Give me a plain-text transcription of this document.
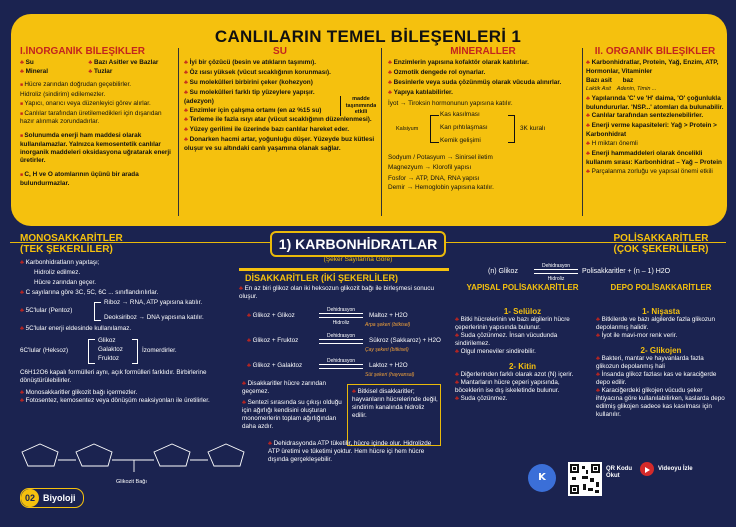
CANLILARIN TEMEL BİLEŞENLERİ 1
I.İNORGANİK BİLEŞİKLER
♣ Su	♣ Bazı Asitler ve Bazlar
♣ Mineral	♣ Tuzlar
■ Hücre zarından doğrudan geçebilirler.
Hidroliz (sindirim) edilemezler.
■ Yapıcı, onarıcı veya düzenleyici görev alırlar.
■ Canlılar tarafından üretilemedikleri için dışarıdan hazır alınmak zorundadırlar.
■ Solunumda enerji ham maddesi olarak kullanılamazlar. Yalnızca kemosentetik canlılar inorganik maddeleri oksidasyona uğratarak enerji üretirler.
■ C, H ve O atomlarının üçünü bir arada bulundurmazlar.
SU
♣ İyi bir çözücü (besin ve atıkların taşınımı).
♣ Öz ısısı yüksek (vücut sıcaklığının korunması).
♣ Su molekülleri birbirini çeker (kohezyon)
♣ Su molekülleri farklı tip yüzeylere yapışır. (adezyon)
♣ Enzimler için çalışma ortamı (en az %15 su)
♣ Terleme ile fazla ısıyı atar (vücut sıcaklığının düzenlenmesi).
♣ Yüzey gerilimi ile üzerinde bazı canlılar hareket eder.
♣ Donarken hacmi artar, yoğunluğu düşer. Yüzeyde buz kütlesi oluşur ve su altındaki canlı yaşamına olanak sağlar.
madde taşınımında etkili
MİNERALLER
♣ Enzimlerin yapısına kofaktör olarak katılırlar.
♣ Ozmotik dengede rol oynarlar.
♣ Besinlerle veya suda çözünmüş olarak vücuda alınırlar.
♣ Yapıya katılabilirler.
İyot → Tiroksin hormonunun yapısına katılır.
Kalsiyum
Kas kasılması
Kan pıhtılaşması
Kemik gelişimi
3K kuralı
Sodyum / Potasyum → Sinirsel iletim
Magnezyum → Klorofil yapısı
Fosfor → ATP, DNA, RNA yapısı
Demir → Hemoglobin yapısına katılır.
II. ORGANİK BİLEŞİKLER
♣ Karbonhidratlar, Protein, Yağ, Enzim, ATP, Hormonlar, Vitaminler
Bazı asit baz
Laktik Asit Adenin, Timin ...
♣ Yapılarında 'C' ve 'H' daima, 'O' çoğunlukla bulundururlar. 'NSP...' atomları da bulunabilir.
♣ Canlılar tarafından sentezlenebilirler.
♣ Enerji verme kapasiteleri: Yağ > Protein > Karbonhidrat
♣ H miktarı önemli
♣ Enerji hammaddeleri olarak öncelikli kullanım sırası: Karbonhidrat – Yağ – Protein
♣ Parçalanma zorluğu ve yapısal önemi etkili
1) KARBONHİDRATLAR
(Şeker Sayılarına Göre)
MONOSAKKARİTLER
(TEK ŞEKERLİLER)
♣ Karbonhidratların yapıtaşı;
Hidroliz edilmez.
Hücre zarından geçer.
♣ C sayılarına göre 3C, 5C, 6C ... sınıflandırılırlar.
♣ 5C'lular (Pentoz)
Riboz → RNA, ATP yapısına katılır.
Deoksiriboz → DNA yapısına katılır.
♣ 5C'lular enerji eldesinde kullanılamaz.
6C'lular (Heksoz)
Glikoz
Galaktoz
Fruktoz
İzomerdirler.
C6H12O6 kapalı formülleri aynı, açık formülleri farklıdır. Birbirlerine dönüştürülebilirler.
♣ Monosakkaritler glikozit bağı içermezler.
♣ Fotosentez, kemosentez veya dönüşüm reaksiyonları ile üretilirler.
Glikozit Bağı
DİSAKKARİTLER (İKİ ŞEKERLİLER)
♣ En az biri glikoz olan iki heksozun glikozit bağı ile birleşmesi sonucu oluşur.
♣ Glikoz + Glikoz
Dehidrasyon
Hidroliz
Maltoz + H2O
Arpa şekeri (bitkisel)
♣ Glikoz + Fruktoz
Dehidrasyon
Sükroz (Sakkaroz) + H2O
Çay şekeri (bitkisel)
♣ Glikoz + Galaktoz
Dehidrasyon
Laktoz + H2O
Süt şekeri (hayvansal)
♣ Disakkaritler hücre zarından geçemez.
♣ Sentezi sırasında su çıkışı olduğu için ağırlığı kendisini oluşturan monomerlerin toplam ağırlığından daha azdır.
♣ Bitkisel disakkaritler; hayvanların hücrelerinde değil, sindirim kanalında hidroliz edilir.
♣ Dehidrasyonda ATP tüketilir, hücre içinde olur. Hidrolizde ATP üretimi ve tüketimi yoktur. Hem hücre içi hem hücre dışında gerçekleşebilir.
POLİSAKKARİTLER
(ÇOK ŞEKERLİLER)
(n) Glikoz
Dehidrasyon
Hidroliz
Polisakkaritler + (n – 1) H2O
YAPISAL POLİSAKKARİTLER	DEPO POLİSAKKARİTLER
1- Selüloz
♣ Bitki hücrelerinin ve bazı algilerin hücre çeperlerinin yapısında bulunur.
♣ Suda çözünmez. İnsan vücudunda sindirilemez.
♣ Olgul meneviler sindirebilir.
2- Kitin
♣ Diğerlerinden farklı olarak azot (N) içerir.
♣ Mantarların hücre çeperi yapısında, böceklerin ise dış iskeletinde bulunur.
♣ Suda çözünmez.
1- Nişasta
♣ Bitkilerde ve bazı algilerde fazla glikozun depolanmış halidir.
♣ İyot ile mavi-mor renk verir.
2- Glikojen
♣ Bakteri, mantar ve hayvanlarda fazla glikozun depolanmış hali
♣ İnsanda glikoz fazlası kas ve karaciğerde depo edilir.
♣ Karaciğerdeki glikojen vücudu şeker ihtiyacına göre kullanılabilirken, kaslarda depo edilmiş glikojen sadece kas kasılması için kullanılır.
02 Biyoloji
K
QR Kodu Okut
Videoyu İzle
